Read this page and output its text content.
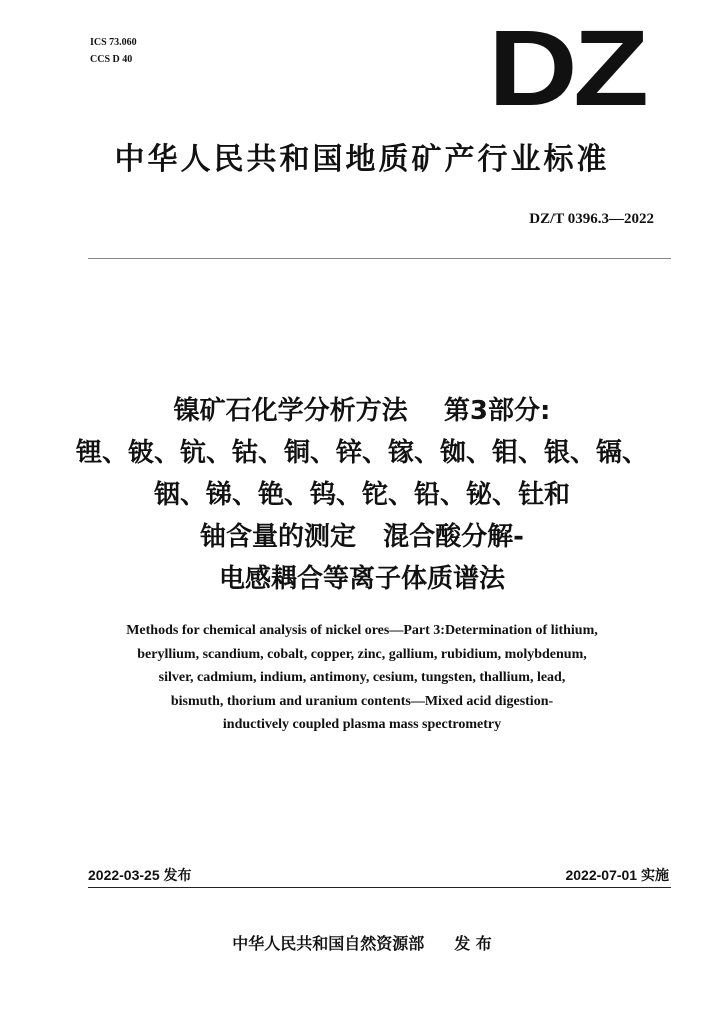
ICS 73.060
CCS D 40	DZ
中华人民共和国地质矿产行业标准
DZ/T 0396.3—2022
镍矿石化学分析方法    第3部分:
锂、铍、钪、钴、铜、锌、镓、铷、钼、银、镉、
铟、锑、铯、钨、铊、铅、铋、钍和
铀含量的测定   混合酸分解-
电感耦合等离子体质谱法
Methods for chemical analysis of nickel ores—Part 3:Determination of lithium,
beryllium, scandium, cobalt, copper, zinc, gallium, rubidium, molybdenum,
silver, cadmium, indium, antimony, cesium, tungsten, thallium, lead,
bismuth, thorium and uranium contents—Mixed acid digestion-
inductively coupled plasma mass spectrometry
2022-03-25 发布	2022-07-01 实施
中华人民共和国自然资源部 发 布
